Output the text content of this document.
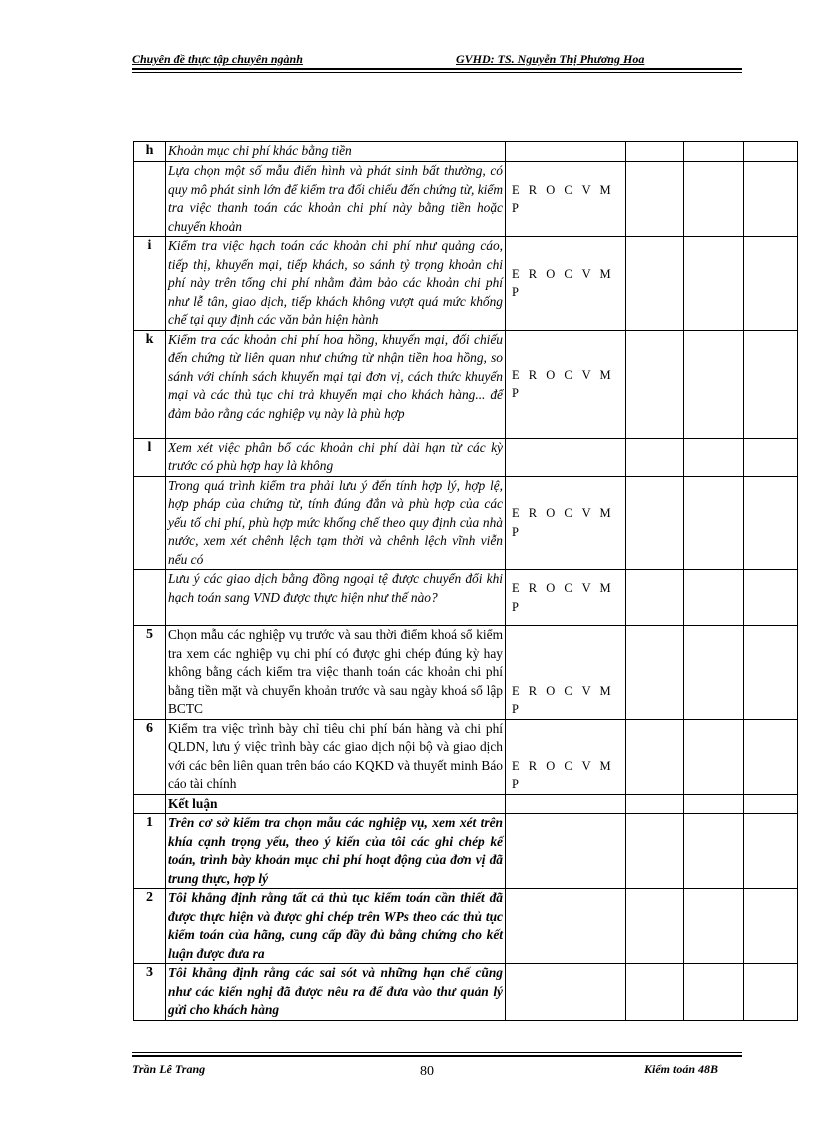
Chuyên đề thực tập chuyên ngành	GVHD: TS. Nguyễn Thị Phương Hoa
h	Khoản mục chi phí khác bằng tiền				
	Lựa chọn một số mẫu điển hình và phát sinh bất thường, có quy mô phát sinh lớn để kiểm tra đối chiếu đến chứng từ, kiểm tra việc thanh toán các khoản chi phí này bằng tiền hoặc chuyển khoản	E R O C V M P			
i	Kiểm tra việc hạch toán các khoản chi phí như quảng cáo, tiếp thị, khuyến mại, tiếp khách, so sánh tỷ trọng khoản chi phí này trên tổng chi phí nhằm đảm bảo các khoản chi phí như lễ tân, giao dịch, tiếp khách không vượt quá mức khống chế tại quy định các văn bản hiện hành	E R O C V M P			
k	Kiểm tra các khoản chi phí hoa hồng, khuyến mại, đối chiếu đến chứng từ liên quan như chứng từ nhận tiền hoa hồng, so sánh với chính sách khuyến mại tại đơn vị, cách thức khuyến mại và các thủ tục chi trả khuyến mại cho khách hàng... để đảm bảo rằng các nghiệp vụ này là phù hợp	E R O C V M P			
l	Xem xét việc phân bổ các khoản chi phí dài hạn từ các kỳ trước có phù hợp hay là không				
	Trong quá trình kiểm tra phải lưu ý đến tính hợp lý, hợp lệ, hợp pháp của chứng từ, tính đúng đắn và phù hợp của các yếu tố chi phí, phù hợp mức khống chế theo quy định của nhà nước, xem xét chênh lệch tạm thời và chênh lệch vĩnh viễn nếu có	E R O C V M P			
	Lưu ý các giao dịch bằng đồng ngoại tệ được chuyển đổi khi hạch toán sang VND được thực hiện như thế nào?	E R O C V M P			
5	Chọn mẫu các nghiệp vụ trước và sau thời điểm khoá sổ kiểm tra xem các nghiệp vụ chi phí có được ghi chép đúng kỳ hay không bằng cách kiểm tra việc thanh toán các khoản chi phí bằng tiền mặt và chuyển khoản trước và sau ngày khoá sổ lập BCTC	E R O C V M P			
6	Kiểm tra việc trình bày chỉ tiêu chi phí bán hàng và chi phí QLDN, lưu ý việc trình bày các giao dịch nội bộ và giao dịch với các bên liên quan trên báo cáo KQKD và thuyết minh Báo cáo tài chính	E R O C V M P			
	Kết luận				
1	Trên cơ sở kiểm tra chọn mẫu các nghiệp vụ, xem xét trên khía cạnh trọng yếu, theo ý kiến của tôi các ghi chép kế toán, trình bày khoản mục chi phí hoạt động của đơn vị đã trung thực, hợp lý				
2	Tôi khẳng định rằng tất cả thủ tục kiểm toán cần thiết đã được thực hiện và được ghi chép trên WPs theo các thủ tục kiểm toán của hãng, cung cấp đầy đủ bằng chứng cho kết luận được đưa ra				
3	Tôi khẳng định rằng các sai sót và những hạn chế cũng như các kiến nghị đã được nêu ra để đưa vào thư quản lý gửi cho khách hàng				
Trần Lê Trang	80	Kiểm toán 48B
